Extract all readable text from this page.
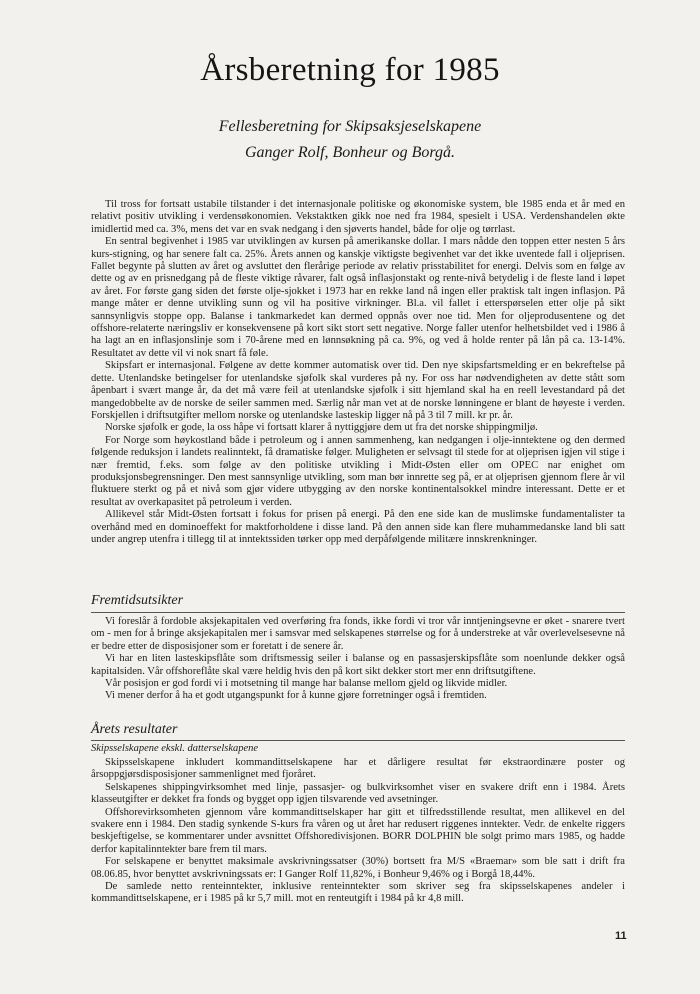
Årsberetning for 1985
Fellesberetning for Skipsaksjeselskapene
Ganger Rolf, Bonheur og Borgå.

Til tross for fortsatt ustabile tilstander i det internasjonale politiske og økonomiske system, ble 1985 enda et år med en relativt positiv utvikling i verdensøkonomien. Vekstaktken gikk noe ned fra 1984, spesielt i USA. Verdenshandelen økte imidlertid med ca. 3%, mens det var en svak nedgang i den sjøverts handel, både for olje og tørrlast.

En sentral begivenhet i 1985 var utviklingen av kursen på amerikanske dollar. I mars nådde den toppen etter nesten 5 års kurs-stigning, og har senere falt ca. 25%. Årets annen og kanskje viktigste begivenhet var det ikke uventede fall i oljeprisen. Fallet begynte på slutten av året og avsluttet den flerårige periode av relativ prisstabilitet for energi. Delvis som en følge av dette og av en prisnedgang på de fleste viktige råvarer, falt også inflasjonstakt og rente-nivå betydelig i de fleste land i løpet av året. For første gang siden det første olje-sjokket i 1973 har en rekke land nå ingen eller praktisk talt ingen inflasjon. På mange måter er denne utvikling sunn og vil ha positive virkninger. Bl.a. vil fallet i etterspørselen etter olje på sikt sannsynligvis stoppe opp. Balanse i tankmarkedet kan dermed oppnås over noe tid. Men for oljeprodusentene og det offshore-relaterte næringsliv er konsekvensene på kort sikt stort sett negative. Norge faller utenfor helhetsbildet ved i 1986 å ha lagt an en inflasjonslinje som i 70-årene med en lønnsøkning på ca. 9%, og ved å holde renter på lån på ca. 13-14%. Resultatet av dette vil vi nok snart få føle.

Skipsfart er internasjonal. Følgene av dette kommer automatisk over tid. Den nye skipsfartsmelding er en bekreftelse på dette. Utenlandske betingelser for utenlandske sjøfolk skal vurderes på ny. For oss har nødvendigheten av dette stått som åpenbart i svært mange år, da det må være feil at utenlandske sjøfolk i sitt hjemland skal ha en reell levestandard på det mangedobbelte av de norske de seiler sammen med. Særlig når man vet at de norske lønningene er blant de høyeste i verden. Forskjellen i driftsutgifter mellom norske og utenlandske lasteskip ligger nå på 3 til 7 mill. kr pr. år.

Norske sjøfolk er gode, la oss håpe vi fortsatt klarer å nyttiggjøre dem ut fra det norske shippingmiljø.

For Norge som høykostland både i petroleum og i annen sammenheng, kan nedgangen i olje-inntektene og den dermed følgende reduksjon i landets realinntekt, få dramatiske følger. Muligheten er selvsagt til stede for at oljeprisen igjen vil stige i nær fremtid, f.eks. som følge av den politiske utvikling i Midt-Østen eller om OPEC nar enighet om produksjonsbegrensninger. Den mest sannsynlige utvikling, som man bør innrette seg på, er at oljeprisen gjennom flere år vil fluktuere sterkt og på et nivå som gjør videre utbygging av den norske kontinentalsokkel mindre interessant. Dette er et resultat av overkapasitet på petroleum i verden.

Allikevel står Midt-Østen fortsatt i fokus for prisen på energi. På den ene side kan de muslimske fundamentalister ta overhånd med en dominoeffekt for maktforholdene i disse land. På den annen side kan flere muhammedanske land bli satt under angrep utenfra i tillegg til at inntektssiden tørker opp med derpåfølgende militære innskrenkninger.

Fremtidsutsikter

Vi foreslår å fordoble aksjekapitalen ved overføring fra fonds, ikke fordi vi tror vår inntjeningsevne er øket - snarere tvert om - men for å bringe aksjekapitalen mer i samsvar med selskapenes størrelse og for å understreke at vår overlevelsesevne nå er bedre etter de disposisjoner som er foretatt i de senere år.

Vi har en liten lasteskipsflåte som driftsmessig seiler i balanse og en passasjerskipsflåte som noenlunde dekker også kapitalsiden. Vår offshoreflåte skal være heldig hvis den på kort sikt dekker stort mer enn driftsutgiftene.

Vår posisjon er god fordi vi i motsetning til mange har balanse mellom gjeld og likvide midler.

Vi mener derfor å ha et godt utgangspunkt for å kunne gjøre forretninger også i fremtiden.

Årets resultater
Skipsselskapene ekskl. datterselskapene

Skipsselskapene inkludert kommandittselskapene har et dårligere resultat før ekstraordinære poster og årsoppgjørsdisposisjoner sammenlignet med fjoråret.

Selskapenes shippingvirksomhet med linje, passasjer- og bulkvirksomhet viser en svakere drift enn i 1984. Årets klasseutgifter er dekket fra fonds og bygget opp igjen tilsvarende ved avsetninger.

Offshorevirksomheten gjennom våre kommandittselskaper har gitt et tilfredsstillende resultat, men allikevel en del svakere enn i 1984. Den stadig synkende S-kurs fra våren og ut året har redusert riggenes inntekter. Vedr. de enkelte riggers beskjeftigelse, se kommentarer under avsnittet Offshoredivisjonen. BORR DOLPHIN ble solgt primo mars 1985, og hadde derfor kapitalinntekter bare frem til mars.

For selskapene er benyttet maksimale avskrivningssatser (30%) bortsett fra M/S «Braemar» som ble satt i drift fra 08.06.85, hvor benyttet avskrivningssats er: I Ganger Rolf 11,82%, i Bonheur 9,46% og i Borgå 18,44%.

De samlede netto renteinntekter, inklusive renteinntekter som skriver seg fra skipsselskapenes andeler i kommandittselskapene, er i 1985 på kr 5,7 mill. mot en renteutgift i 1984 på kr 4,8 mill.

11
